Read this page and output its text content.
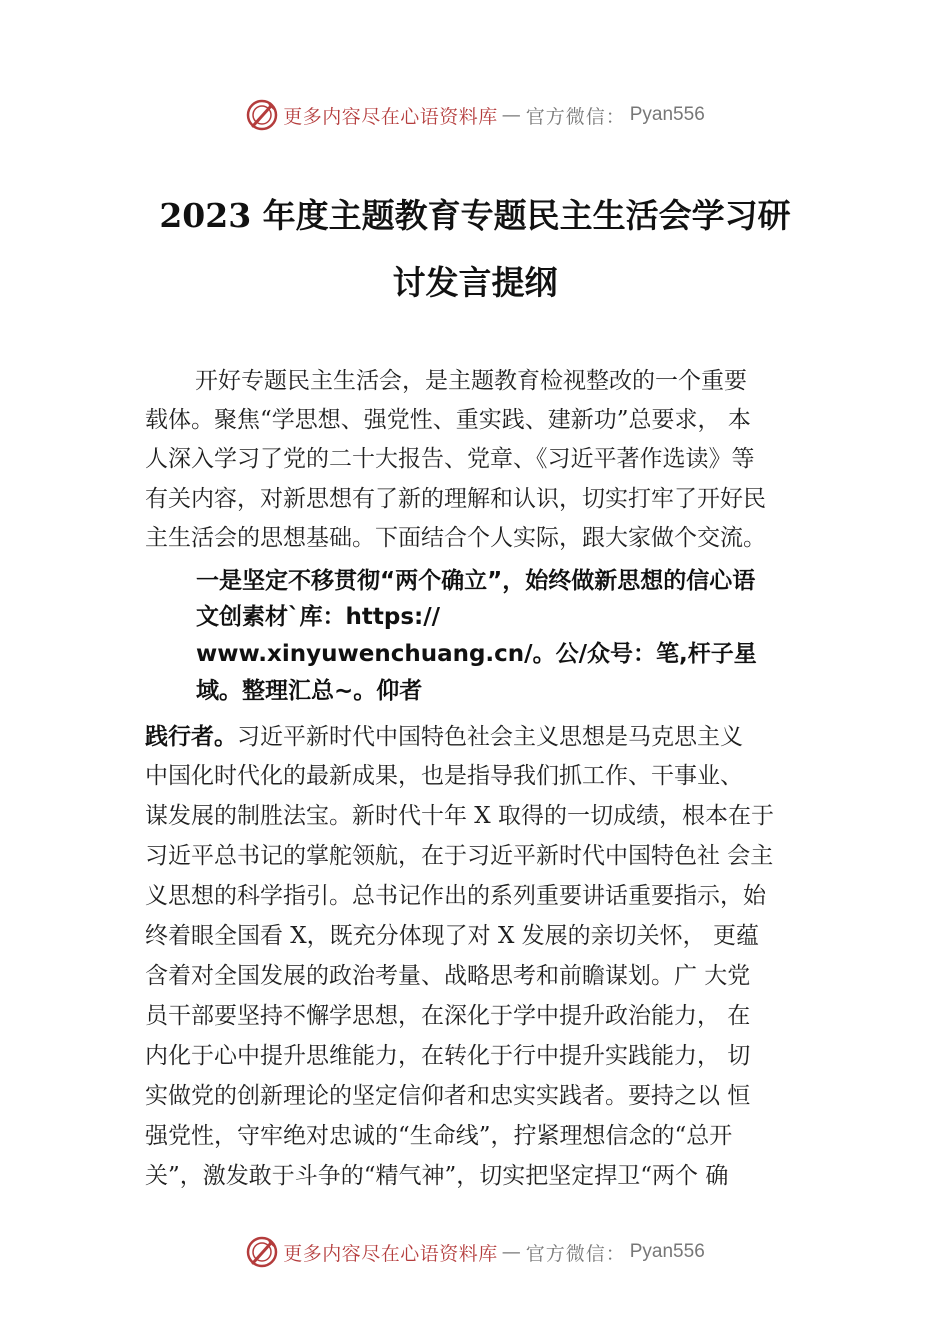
更多内容尽在心语资料库 — 官方微信： Pyan556
2023 年度主题教育专题民主生活会学习研
讨发言提纲
开好专题民主生活会，是主题教育检视整改的一个重要
载体。聚焦“学思想、强党性、重实践、建新功”总要求， 本
人深入学习了党的二十大报告、党章、《习近平著作选读》等
有关内容，对新思想有了新的理解和认识，切实打牢了开好民
主生活会的思想基础。下面结合个人实际，跟大家做个交流。
一是坚定不移贯彻“两个确立”，始终做新思想的信心语
文创素材`库：https://
www.xinyuwenchuang.cn/。公/众号：笔,杆子星
域。整理汇总~。仰者
践行者。习近平新时代中国特色社会主义思想是马克思主义
中国化时代化的最新成果，也是指导我们抓工作、干事业、
谋发展的制胜法宝。新时代十年 X 取得的一切成绩，根本在于
习近平总书记的掌舵领航，在于习近平新时代中国特色社 会主
义思想的科学指引。总书记作出的系列重要讲话重要指示，始
终着眼全国看 X，既充分体现了对 X 发展的亲切关怀， 更蕴
含着对全国发展的政治考量、战略思考和前瞻谋划。广 大党
员干部要坚持不懈学思想，在深化于学中提升政治能力， 在
内化于心中提升思维能力，在转化于行中提升实践能力， 切
实做党的创新理论的坚定信仰者和忠实实践者。要持之以 恒
强党性，守牢绝对忠诚的“生命线”，拧紧理想信念的“总开
关”，激发敢于斗争的“精气神”，切实把坚定捍卫“两个 确
更多内容尽在心语资料库 — 官方微信： Pyan556
